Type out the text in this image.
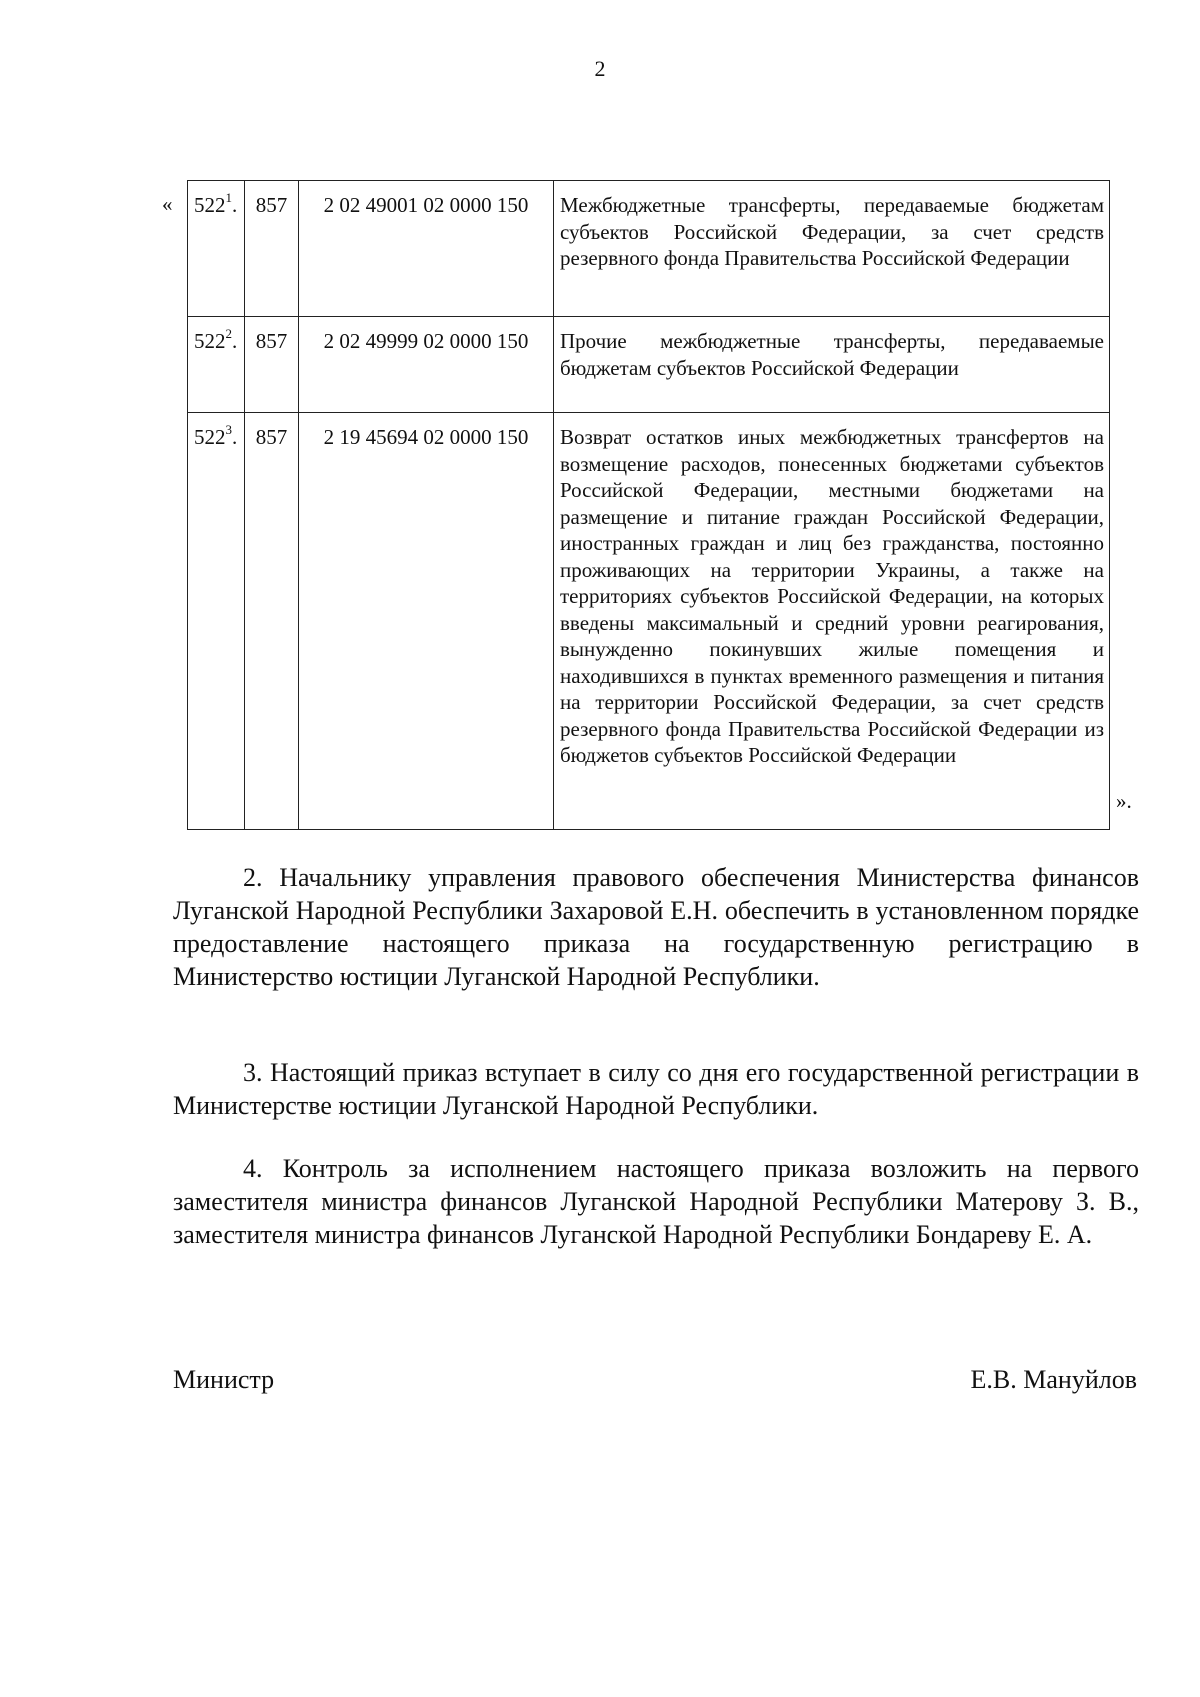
2
« $522^1$.	857	2 02 49001 02 0000 150	Межбюджетные трансферты, передаваемые бюджетам субъектов Российской Федерации, за счет средств резервного фонда Правительства Российской Федерации
$522^2$.	857	2 02 49999 02 0000 150	Прочие межбюджетные трансферты, передаваемые бюджетам субъектов Российской Федерации
$522^3$.	857	2 19 45694 02 0000 150	Возврат остатков иных межбюджетных трансфертов на возмещение расходов, понесенных бюджетами субъектов Российской Федерации, местными бюджетами на размещение и питание граждан Российской Федерации, иностранных граждан и лиц без гражданства, постоянно проживающих на территории Украины, а также на территориях субъектов Российской Федерации, на которых введены максимальный и средний уровни реагирования, вынужденно покинувших жилые помещения и находившихся в пунктах временного размещения и питания на территории Российской Федерации, за счет средств резервного фонда Правительства Российской Федерации из бюджетов субъектов Российской Федерации
».

2. Начальнику управления правового обеспечения Министерства финансов Луганской Народной Республики Захаровой Е.Н. обеспечить в установленном порядке предоставление настоящего приказа на государственную регистрацию в Министерство юстиции Луганской Народной Республики.

3. Настоящий приказ вступает в силу со дня его государственной регистрации в Министерстве юстиции Луганской Народной Республики.

4. Контроль за исполнением настоящего приказа возложить на первого заместителя министра финансов Луганской Народной Республики Матерову З. В., заместителя министра финансов Луганской Народной Республики Бондареву Е. А.

Министр	Е.В. Мануйлов
